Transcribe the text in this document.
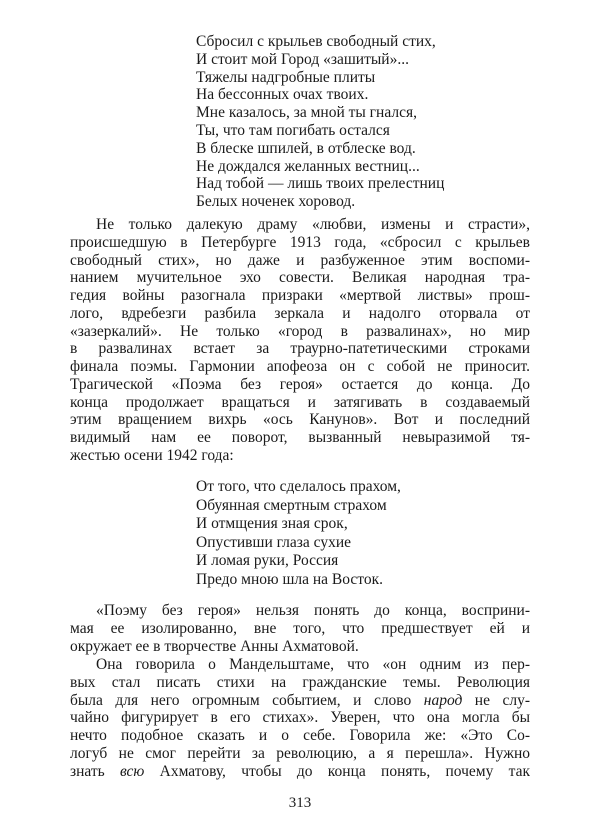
Сбросил с крыльев свободный стих,
И стоит мой Город «зашитый»...
Тяжелы надгробные плиты
На бессонных очах твоих.
Мне казалось, за мной ты гнался,
Ты, что там погибать остался
В блеске шпилей, в отблеске вод.
Не дождался желанных вестниц...
Над тобой — лишь твоих прелестниц
Белых ноченек хоровод.
Не только далекую драму «любви, измены и страсти»,
происшедшую в Петербурге 1913 года, «сбросил с крыльев
свободный стих», но даже и разбуженное этим воспоми-
нанием мучительное эхо совести. Великая народная тра-
гедия войны разогнала призраки «мертвой листвы» прош-
лого, вдребезги разбила зеркала и надолго оторвала от
«зазеркалий». Не только «город в развалинах», но мир
в развалинах встает за траурно-патетическими строками
финала поэмы. Гармонии апофеоза он с собой не приносит.
Трагической «Поэма без героя» остается до конца. До
конца продолжает вращаться и затягивать в создаваемый
этим вращением вихрь «ось Канунов». Вот и последний
видимый нам ее поворот, вызванный невыразимой тя-
жестью осени 1942 года:
От того, что сделалось прахом,
Обуянная смертным страхом
И отмщения зная срок,
Опустивши глаза сухие
И ломая руки, Россия
Предо мною шла на Восток.
«Поэму без героя» нельзя понять до конца, восприни-
мая ее изолированно, вне того, что предшествует ей и
окружает ее в творчестве Анны Ахматовой.
Она говорила о Мандельштаме, что «он одним из пер-
вых стал писать стихи на гражданские темы. Революция
была для него огромным событием, и слово народ не слу-
чайно фигурирует в его стихах». Уверен, что она могла бы
нечто подобное сказать и о себе. Говорила же: «Это Со-
логуб не смог перейти за революцию, а я перешла». Нужно
знать всю Ахматову, чтобы до конца понять, почему так
313
